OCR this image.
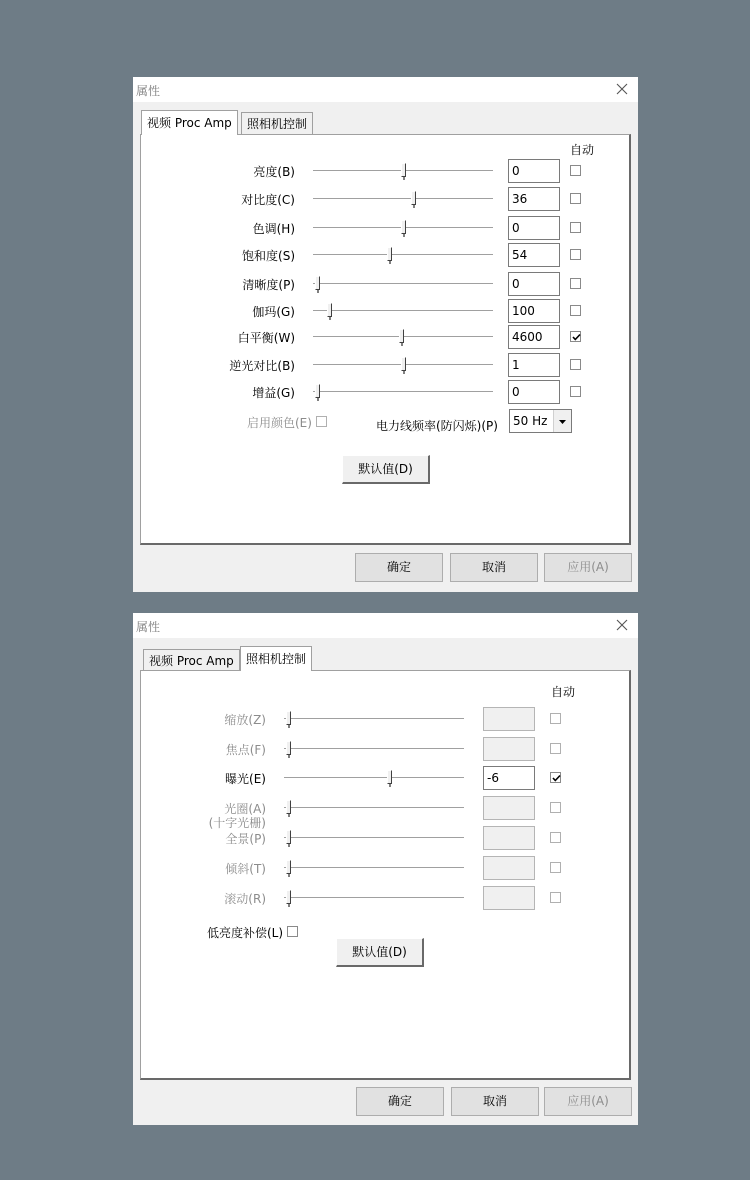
属性
视频 Proc Amp	照相机控制
自动
亮度(B)	0
对比度(C)	36
色调(H)	0
饱和度(S)	54
清晰度(P)	0
伽玛(G)	100
白平衡(W)	4600
逆光对比(B)	1
增益(G)	0
启用颜色(E)	电力线频率(防闪烁)(P) 50 Hz
默认值(D)
确定	取消	应用(A)
属性
视频 Proc Amp	照相机控制
自动
缩放(Z)
焦点(F)
曝光(E)	-6
光圈(A)
(十字光栅)
全景(P)
倾斜(T)
滚动(R)
低亮度补偿(L)
默认值(D)
确定	取消	应用(A)
